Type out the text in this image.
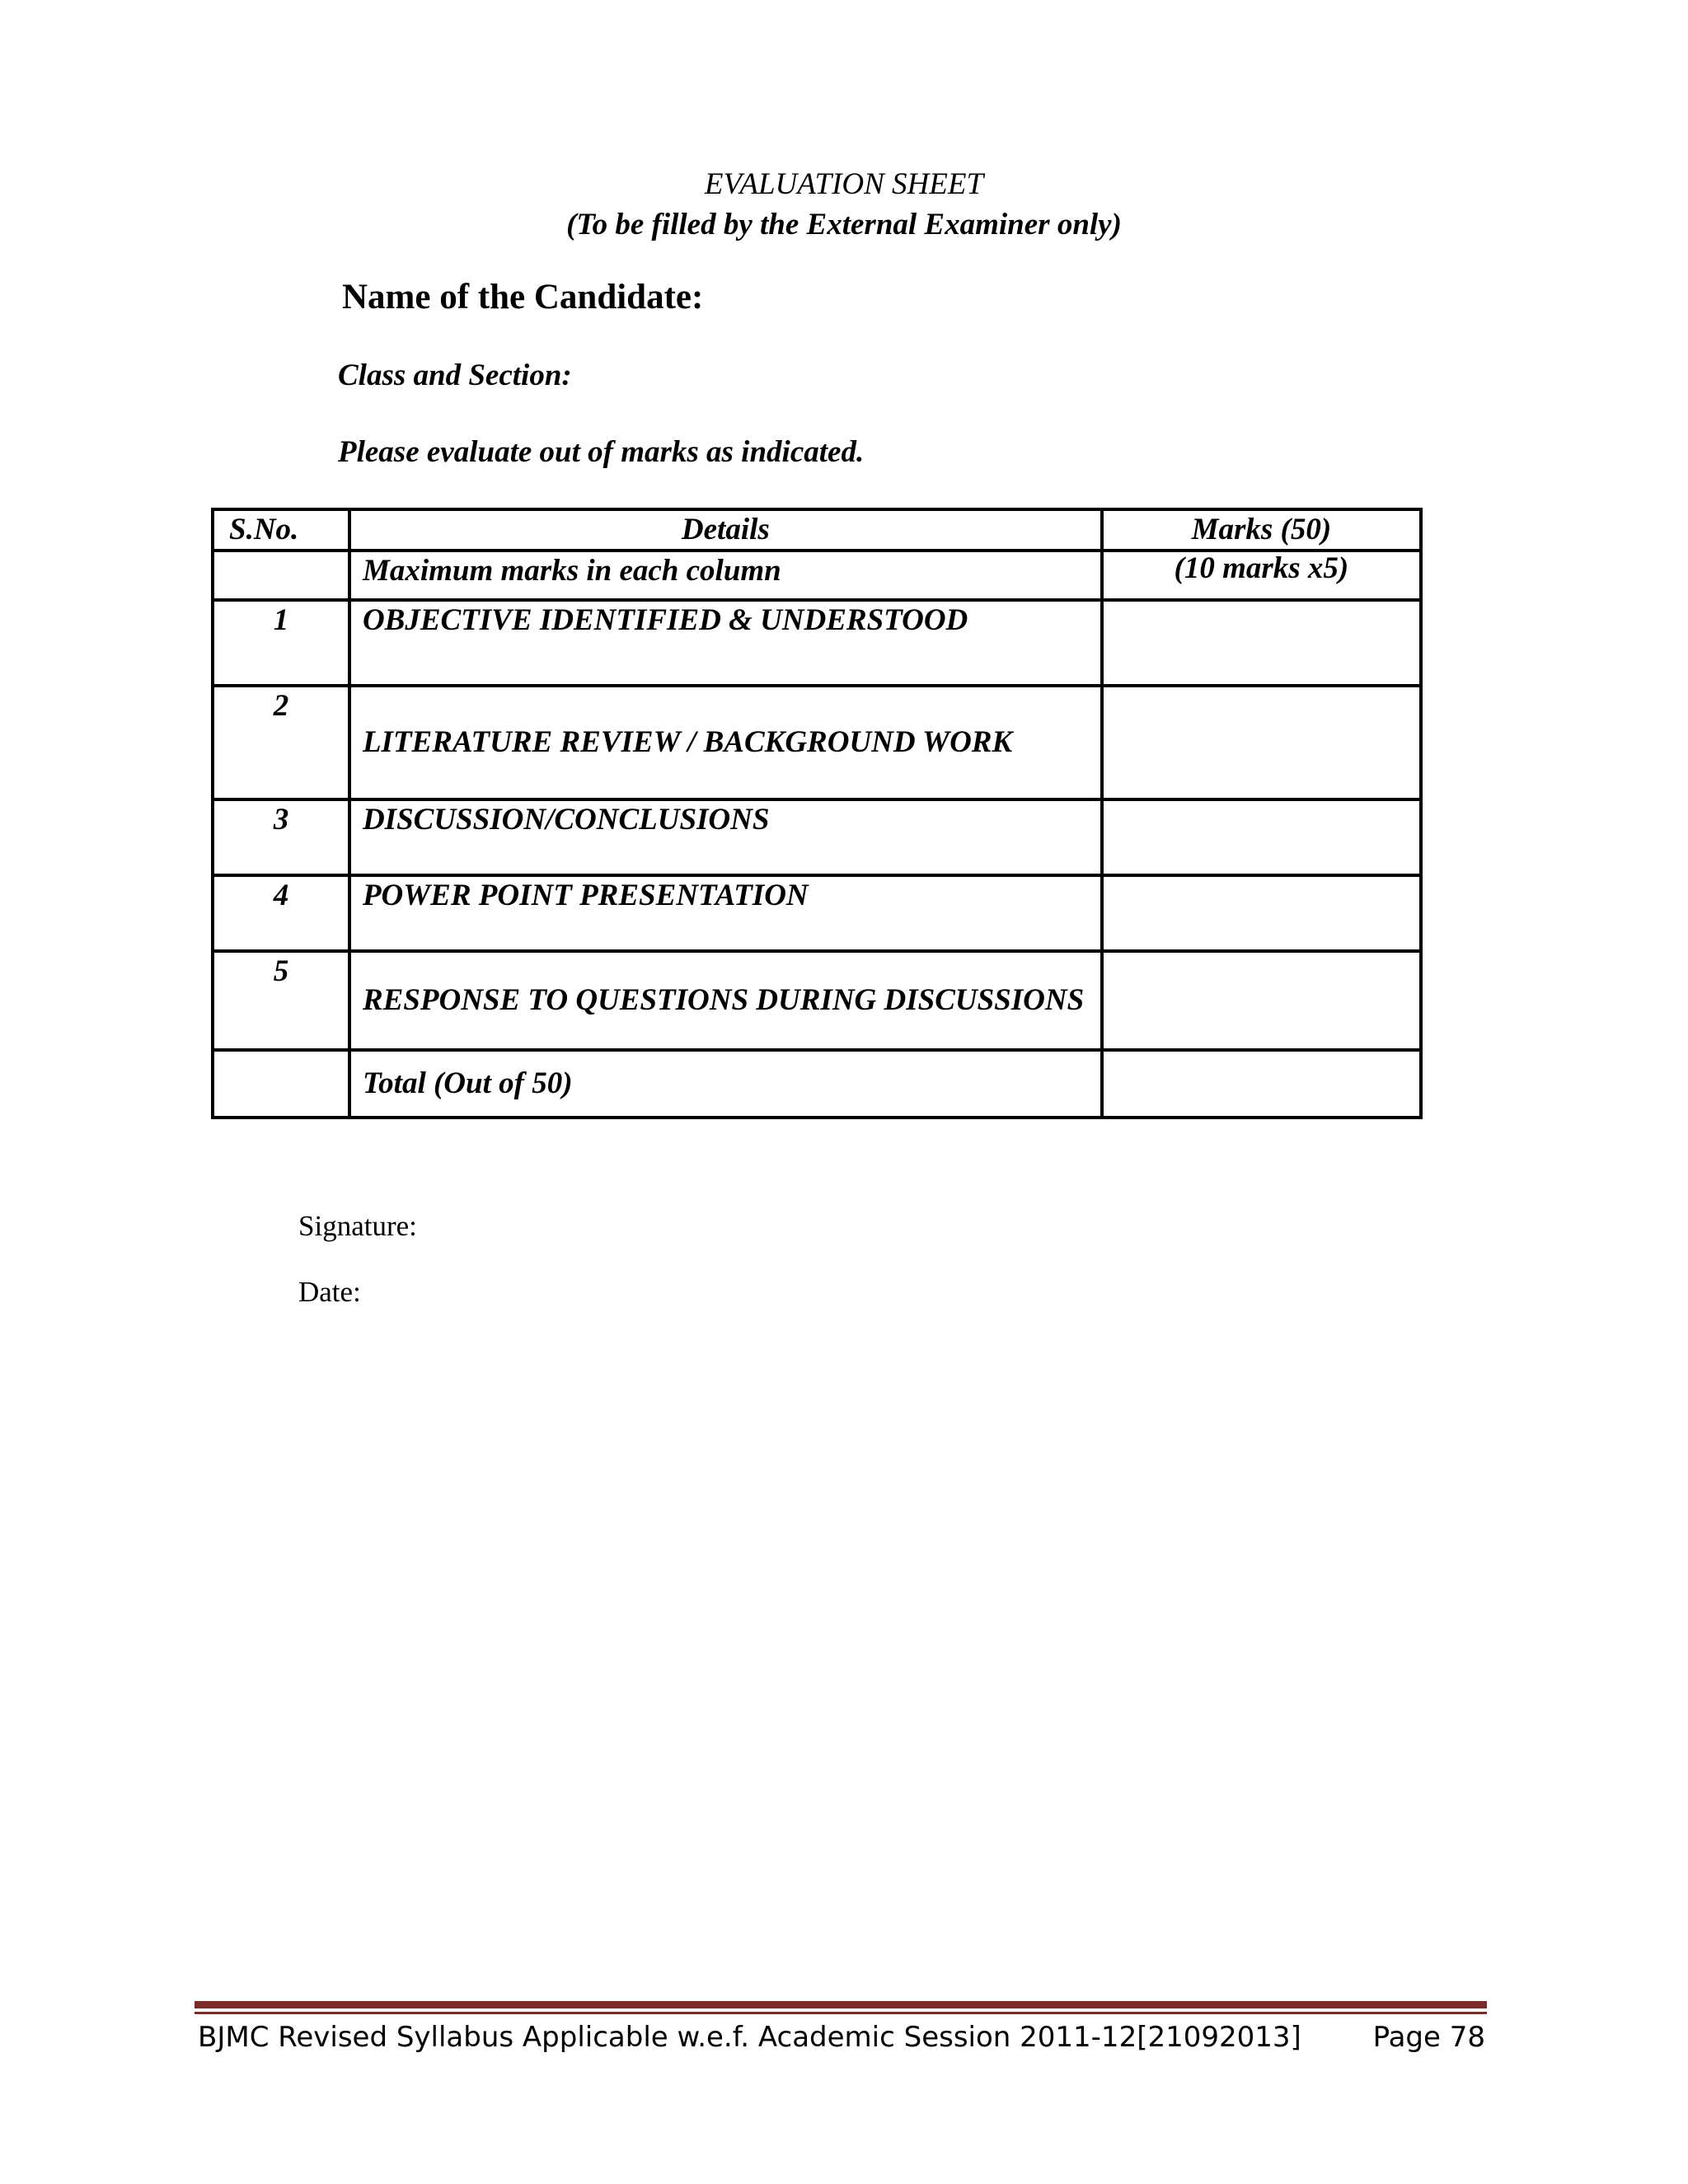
EVALUATION SHEET
(To be filled by the External Examiner only)
Name of the Candidate:
Class and Section:
Please evaluate out of marks as indicated.
S.No.	Details	Marks (50)
	Maximum marks in each column	(10 marks x5)
1	OBJECTIVE IDENTIFIED & UNDERSTOOD	
2	LITERATURE REVIEW / BACKGROUND WORK	
3	DISCUSSION/CONCLUSIONS	
4	POWER POINT PRESENTATION	
5	RESPONSE TO QUESTIONS DURING DISCUSSIONS	
	Total (Out of 50)	
Signature:
Date:
BJMC Revised Syllabus Applicable w.e.f. Academic Session 2011-12[21092013]	Page 78
